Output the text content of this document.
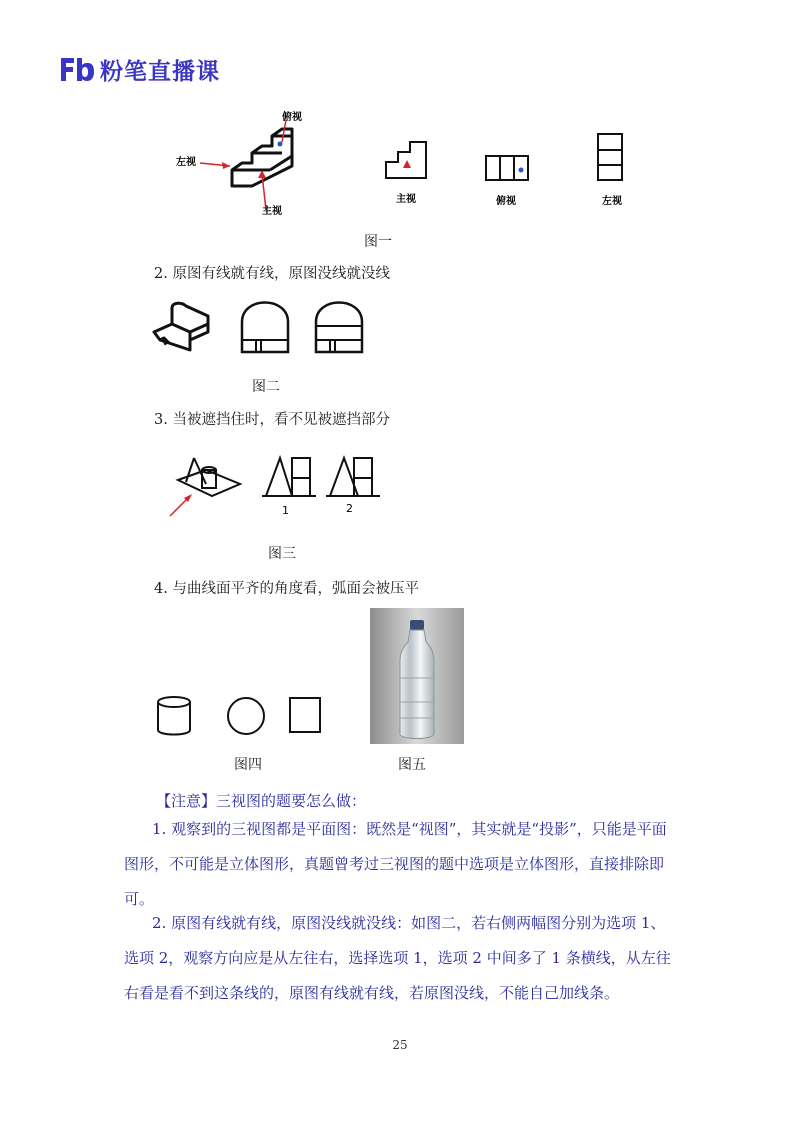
粉笔直播课
俯视
左视
主视
主视	俯视	左视
图一
2. 原图有线就有线，原图没线就没线
图二
3. 当被遮挡住时，看不见被遮挡部分
1	2
图三
4. 与曲线面平齐的角度看，弧面会被压平
图四	图五
【注意】三视图的题要怎么做：
1. 观察到的三视图都是平面图：既然是“视图”，其实就是“投影”，只能是平面图形，不可能是立体图形，真题曾考过三视图的题中选项是立体图形，直接排除即可。
2. 原图有线就有线，原图没线就没线：如图二，若右侧两幅图分别为选项 1、选项 2，观察方向应是从左往右，选择选项 1，选项 2 中间多了 1 条横线，从左往右看是看不到这条线的，原图有线就有线，若原图没线，不能自己加线条。
25
